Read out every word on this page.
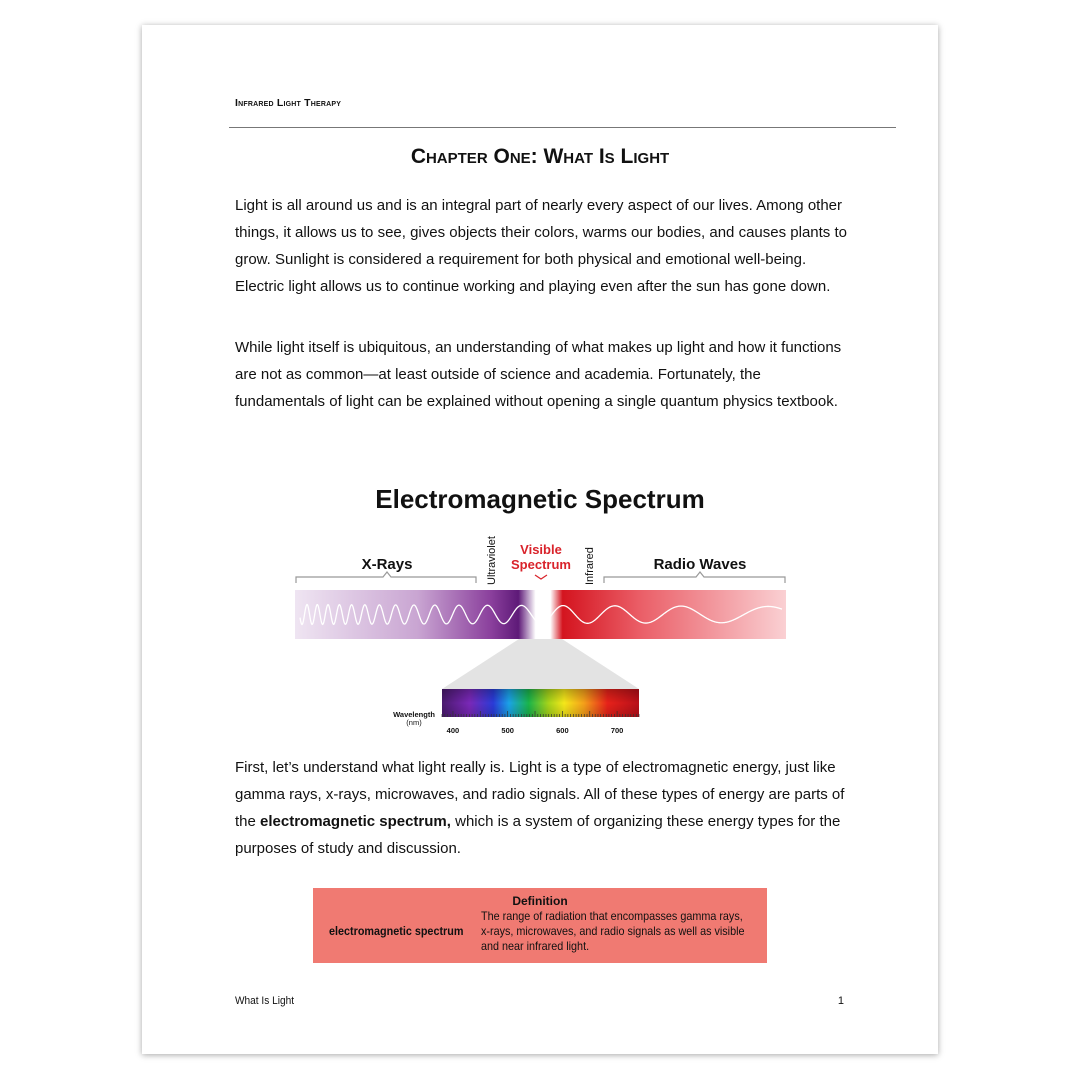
Infrared Light Therapy
Chapter One: What Is Light

Light is all around us and is an integral part of nearly every aspect of our lives. Among other things, it allows us to see, gives objects their colors, warms our bodies, and causes plants to grow. Sunlight is considered a requirement for both physical and emotional well-being. Electric light allows us to continue working and playing even after the sun has gone down.

While light itself is ubiquitous, an understanding of what makes up light and how it functions are not as common—at least outside of science and academia. Fortunately, the fundamentals of light can be explained without opening a single quantum physics textbook.

Electromagnetic Spectrum
X-Rays	Radio Waves
Visible
Spectrum
Ultraviolet	Infrared
Wavelength
(nm)
400	500	600	700

First, let’s understand what light really is. Light is a type of electromagnetic energy, just like gamma rays, x-rays, microwaves, and radio signals. All of these types of energy are parts of the electromagnetic spectrum, which is a system of organizing these energy types for the purposes of study and discussion.

Definition
electromagnetic spectrum
The range of radiation that encompasses gamma rays, x-rays, microwaves, and radio signals as well as visible and near infrared light.
What Is Light	1
